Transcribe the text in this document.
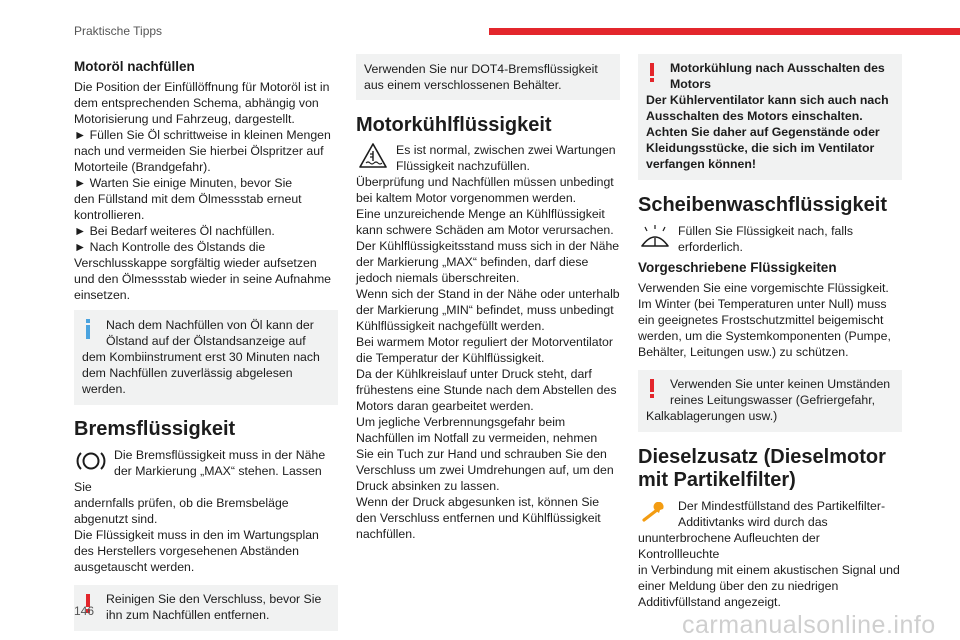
Praktische Tipps
Motoröl nachfüllen
Die Position der Einfüllöffnung für Motoröl ist in
dem entsprechenden Schema, abhängig von
Motorisierung und Fahrzeug, dargestellt.
► Füllen Sie Öl schrittweise in kleinen Mengen
nach und vermeiden Sie hierbei Ölspritzer auf
Motorteile (Brandgefahr).
► Warten Sie einige Minuten, bevor Sie
den Füllstand mit dem Ölmessstab erneut
kontrollieren.
► Bei Bedarf weiteres Öl nachfüllen.
► Nach Kontrolle des Ölstands die
Verschlusskappe sorgfältig wieder aufsetzen
und den Ölmessstab wieder in seine Aufnahme
einsetzen.
Nach dem Nachfüllen von Öl kann der
Ölstand auf der Ölstandsanzeige auf
dem Kombiinstrument erst 30 Minuten nach
dem Nachfüllen zuverlässig abgelesen
werden.
Bremsflüssigkeit
Die Bremsflüssigkeit muss in der Nähe
der Markierung „MAX“ stehen. Lassen Sie
andernfalls prüfen, ob die Bremsbeläge
abgenutzt sind.
Die Flüssigkeit muss in den im Wartungsplan
des Herstellers vorgesehenen Abständen
ausgetauscht werden.
Reinigen Sie den Verschluss, bevor Sie
ihn zum Nachfüllen entfernen.
Verwenden Sie nur DOT4-Bremsflüssigkeit
aus einem verschlossenen Behälter.
Motorkühlflüssigkeit
Es ist normal, zwischen zwei Wartungen
Flüssigkeit nachzufüllen.
Überprüfung und Nachfüllen müssen unbedingt
bei kaltem Motor vorgenommen werden.
Eine unzureichende Menge an Kühlflüssigkeit
kann schwere Schäden am Motor verursachen.
Der Kühlflüssigkeitsstand muss sich in der Nähe
der Markierung „MAX“ befinden, darf diese
jedoch niemals überschreiten.
Wenn sich der Stand in der Nähe oder unterhalb
der Markierung „MIN“ befindet, muss unbedingt
Kühlflüssigkeit nachgefüllt werden.
Bei warmem Motor reguliert der Motorventilator
die Temperatur der Kühlflüssigkeit.
Da der Kühlkreislauf unter Druck steht, darf
frühestens eine Stunde nach dem Abstellen des
Motors daran gearbeitet werden.
Um jegliche Verbrennungsgefahr beim
Nachfüllen im Notfall zu vermeiden, nehmen
Sie ein Tuch zur Hand und schrauben Sie den
Verschluss um zwei Umdrehungen auf, um den
Druck absinken zu lassen.
Wenn der Druck abgesunken ist, können Sie
den Verschluss entfernen und Kühlflüssigkeit
nachfüllen.
Motorkühlung nach Ausschalten des
Motors
Der Kühlerventilator kann sich auch nach
Ausschalten des Motors einschalten.
Achten Sie daher auf Gegenstände oder
Kleidungsstücke, die sich im Ventilator
verfangen können!
Scheibenwaschflüssigkeit
Füllen Sie Flüssigkeit nach, falls
erforderlich.
Vorgeschriebene Flüssigkeiten
Verwenden Sie eine vorgemischte Flüssigkeit.
Im Winter (bei Temperaturen unter Null) muss
ein geeignetes Frostschutzmittel beigemischt
werden, um die Systemkomponenten (Pumpe,
Behälter, Leitungen usw.) zu schützen.
Verwenden Sie unter keinen Umständen
reines Leitungswasser (Gefriergefahr,
Kalkablagerungen usw.)
Dieselzusatz (Dieselmotor
mit Partikelfilter)
Der Mindestfüllstand des Partikelfilter-
Additivtanks wird durch das
ununterbrochene Aufleuchten der Kontrollleuchte
in Verbindung mit einem akustischen Signal und
einer Meldung über den zu niedrigen
Additivfüllstand angezeigt.
146	carmanualsonline.info
